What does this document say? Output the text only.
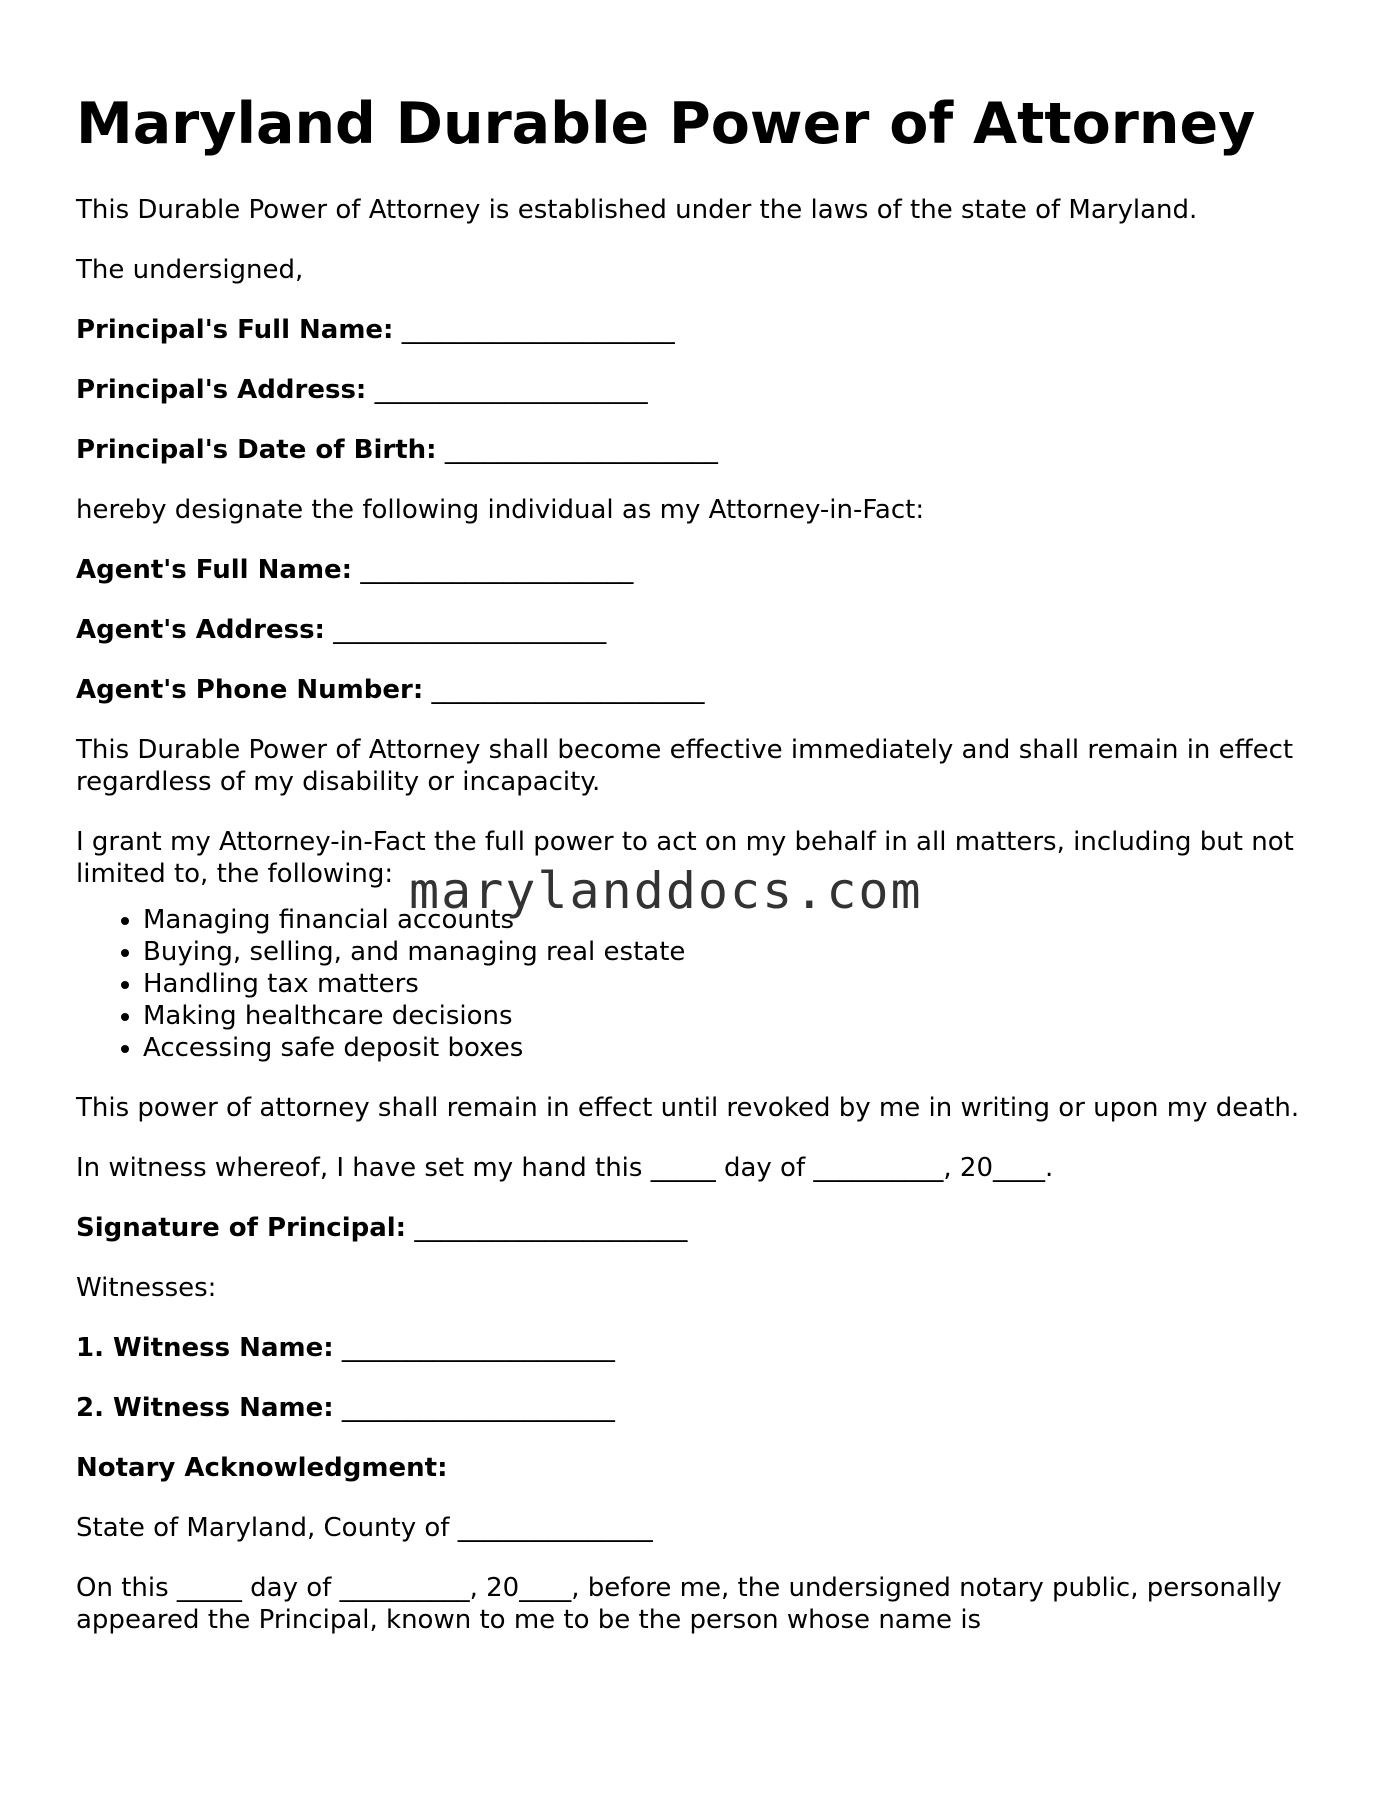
Maryland Durable Power of Attorney

This Durable Power of Attorney is established under the laws of the state of Maryland.

The undersigned,

Principal's Full Name: _____________________

Principal's Address: _____________________

Principal's Date of Birth: _____________________

hereby designate the following individual as my Attorney-in-Fact:

Agent's Full Name: _____________________

Agent's Address: _____________________

Agent's Phone Number: _____________________

This Durable Power of Attorney shall become effective immediately and shall remain in effect regardless of my disability or incapacity.

I grant my Attorney-in-Fact the full power to act on my behalf in all matters, including but not limited to, the following:

• Managing financial accounts
• Buying, selling, and managing real estate
• Handling tax matters
• Making healthcare decisions
• Accessing safe deposit boxes

This power of attorney shall remain in effect until revoked by me in writing or upon my death.

In witness whereof, I have set my hand this _____ day of __________, 20____.

Signature of Principal: _____________________

Witnesses:

1. Witness Name: _____________________

2. Witness Name: _____________________

Notary Acknowledgment:

State of Maryland, County of _______________

On this _____ day of __________, 20____, before me, the undersigned notary public, personally appeared the Principal, known to me to be the person whose name is

marylanddocs.com
